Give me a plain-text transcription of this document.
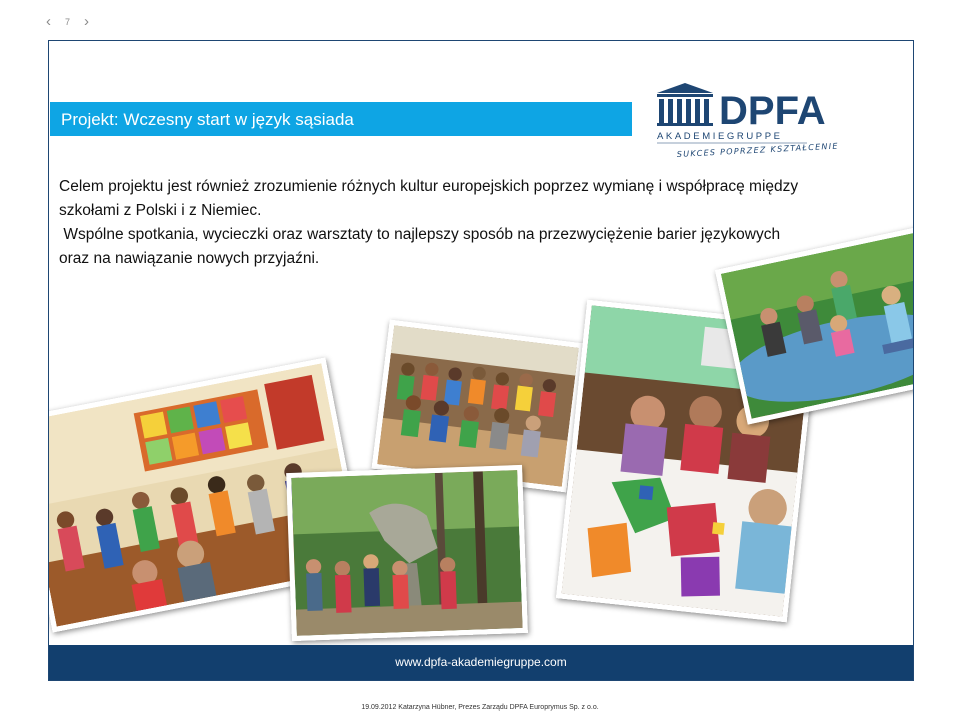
‹ 7 ›
Projekt: Wczesny start w język sąsiada	DPFA
AKADEMIEGRUPPE
SUKCES POPRZEZ KSZTAŁCENIE

Celem projektu jest również zrozumienie różnych kultur europejskich poprzez wymianę i współpracę między szkołami z Polski i z Niemiec.

Wspólne spotkania, wycieczki oraz warsztaty to najlepszy sposób na przezwyciężenie barier językowych oraz na nawiązanie nowych przyjaźni.

www.dpfa-akademiegruppe.com
19.09.2012 Katarzyna Hübner, Prezes Zarządu DPFA Europrymus Sp. z o.o.
